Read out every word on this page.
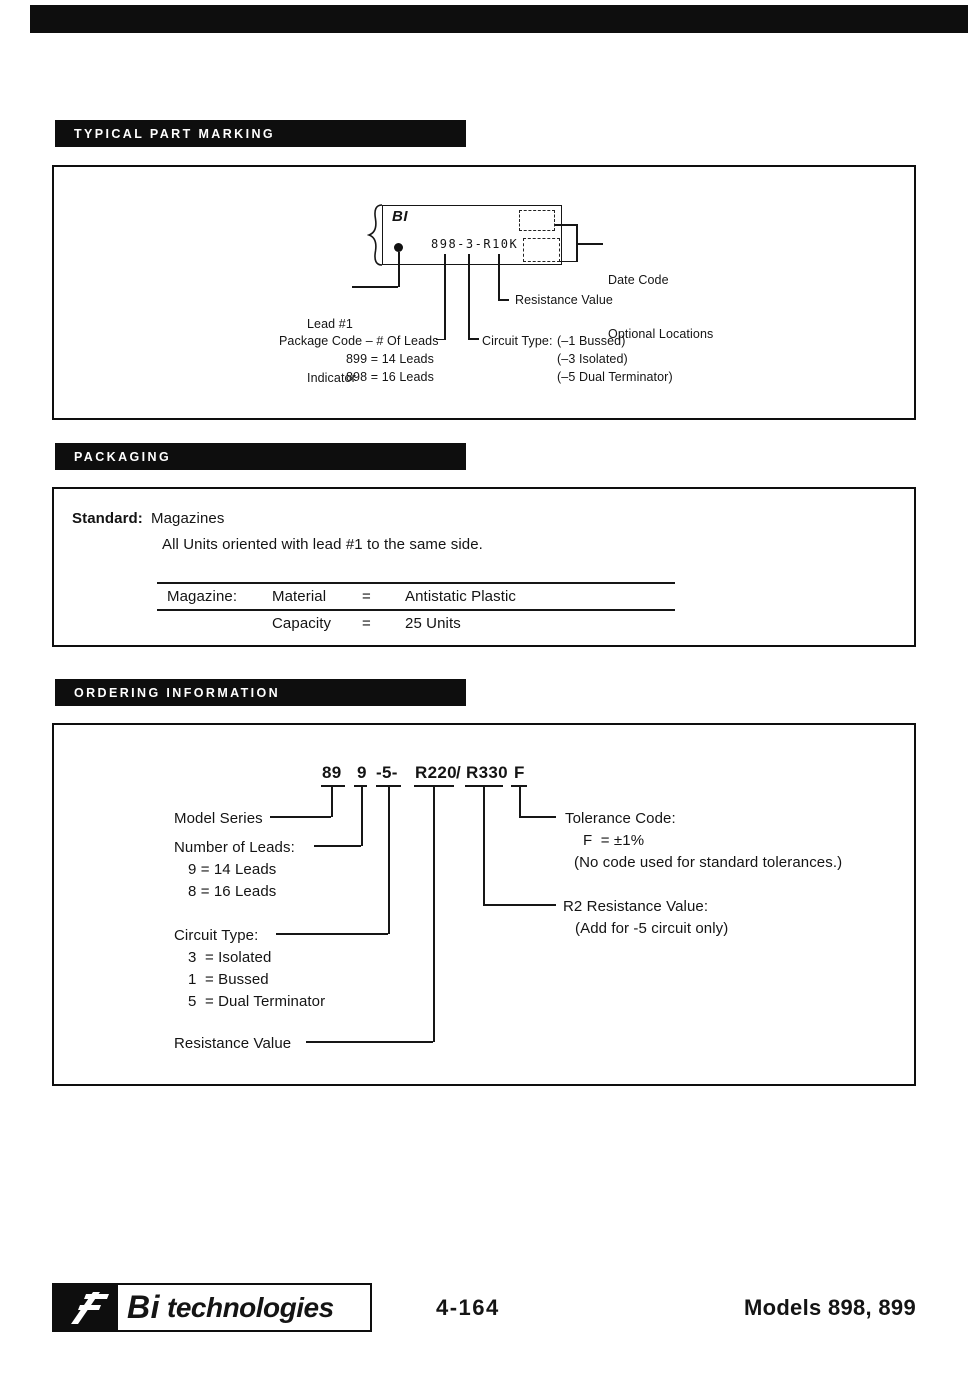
TYPICAL PART MARKING
BI
898-3-R10K

Date Code

Optional Locations

Lead #1

Indicator

Resistance Value
Package Code – # Of Leads
899 = 14 Leads
898 = 16 Leads
Circuit Type: (–1 Bussed)
(–3 Isolated)
(–5 Dual Terminator)
PACKAGING
Standard: Magazines
All Units oriented with lead #1 to the same side.
Magazine: Material = Antistatic Plastic
Capacity = 25 Units
ORDERING INFORMATION
89 9 -5- R220 / R330 F
Model Series
Number of Leads:
9 = 14 Leads
8 = 16 Leads
Circuit Type:
3  = Isolated
1  = Bussed
5  = Dual Terminator
Resistance Value
Tolerance Code:
F  = ±1%
(No code used for standard tolerances.)
R2 Resistance Value:
(Add for -5 circuit only)
Bi technologies	4-164	Models 898, 899
